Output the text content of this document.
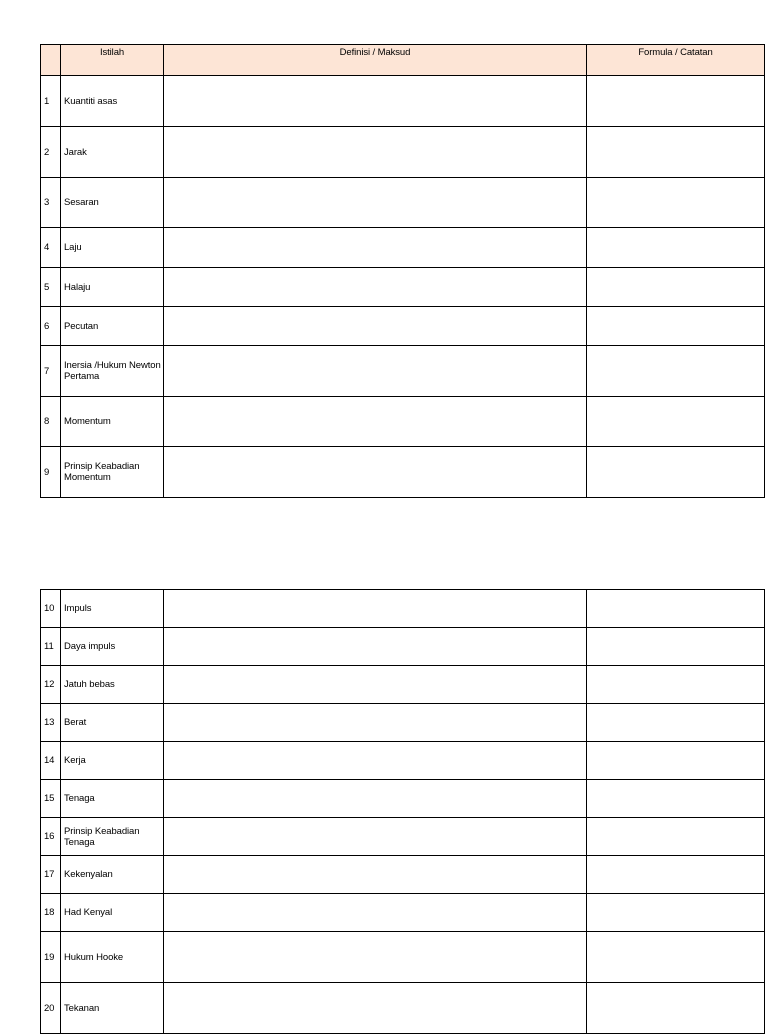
	Istilah	Definisi / Maksud	Formula / Catatan
1	Kuantiti asas		
2	Jarak		
3	Sesaran		
4	Laju		
5	Halaju		
6	Pecutan		
7	Inersia /Hukum Newton Pertama		
8	Momentum		
9	Prinsip Keabadian Momentum		
10	Impuls		
11	Daya impuls		
12	Jatuh bebas		
13	Berat		
14	Kerja		
15	Tenaga		
16	Prinsip Keabadian Tenaga		
17	Kekenyalan		
18	Had Kenyal		
19	Hukum Hooke		
20	Tekanan		
